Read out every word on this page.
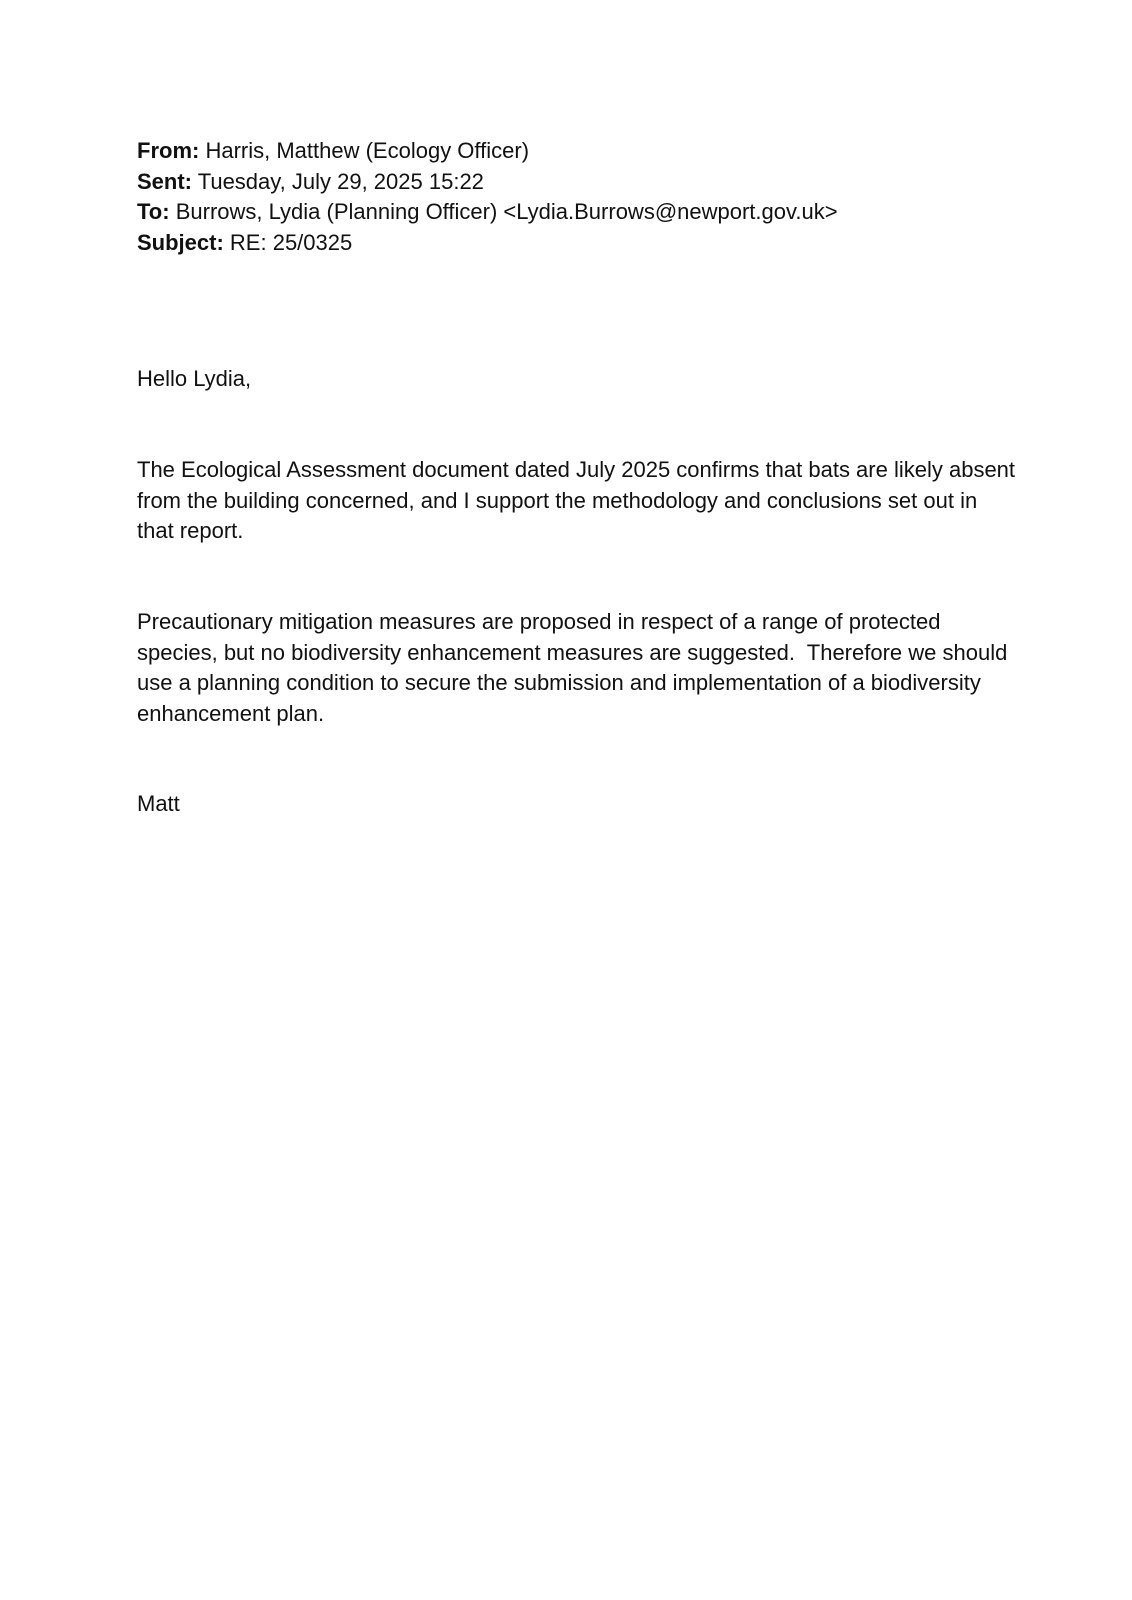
From: Harris, Matthew (Ecology Officer)
Sent: Tuesday, July 29, 2025 15:22
To: Burrows, Lydia (Planning Officer) <Lydia.Burrows@newport.gov.uk>
Subject: RE: 25/0325

Hello Lydia,

The Ecological Assessment document dated July 2025 confirms that bats are likely absent from the building concerned, and I support the methodology and conclusions set out in that report.

Precautionary mitigation measures are proposed in respect of a range of protected species, but no biodiversity enhancement measures are suggested.  Therefore we should use a planning condition to secure the submission and implementation of a biodiversity enhancement plan.

Matt
